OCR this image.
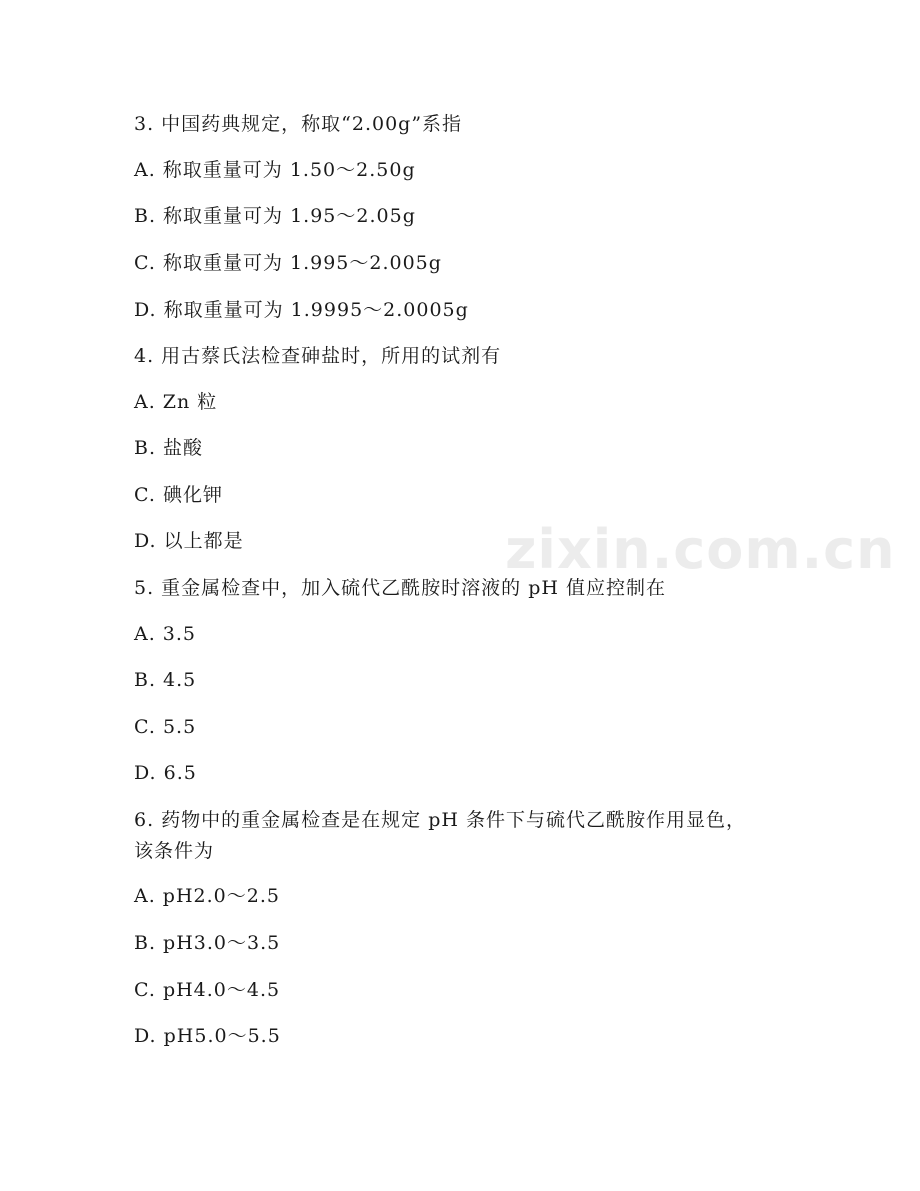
zixin.com.cn
3. 中国药典规定，称取“2.00g”系指
A. 称取重量可为 1.50～2.50g
B. 称取重量可为 1.95～2.05g
C. 称取重量可为 1.995～2.005g
D. 称取重量可为 1.9995～2.0005g
4. 用古蔡氏法检查砷盐时，所用的试剂有
A. Zn 粒
B. 盐酸
C. 碘化钾
D. 以上都是
5. 重金属检查中，加入硫代乙酰胺时溶液的 pH 值应控制在
A. 3.5
B. 4.5
C. 5.5
D. 6.5
6. 药物中的重金属检查是在规定 pH 条件下与硫代乙酰胺作用显色，
该条件为
A. pH2.0～2.5
B. pH3.0～3.5
C. pH4.0～4.5
D. pH5.0～5.5
